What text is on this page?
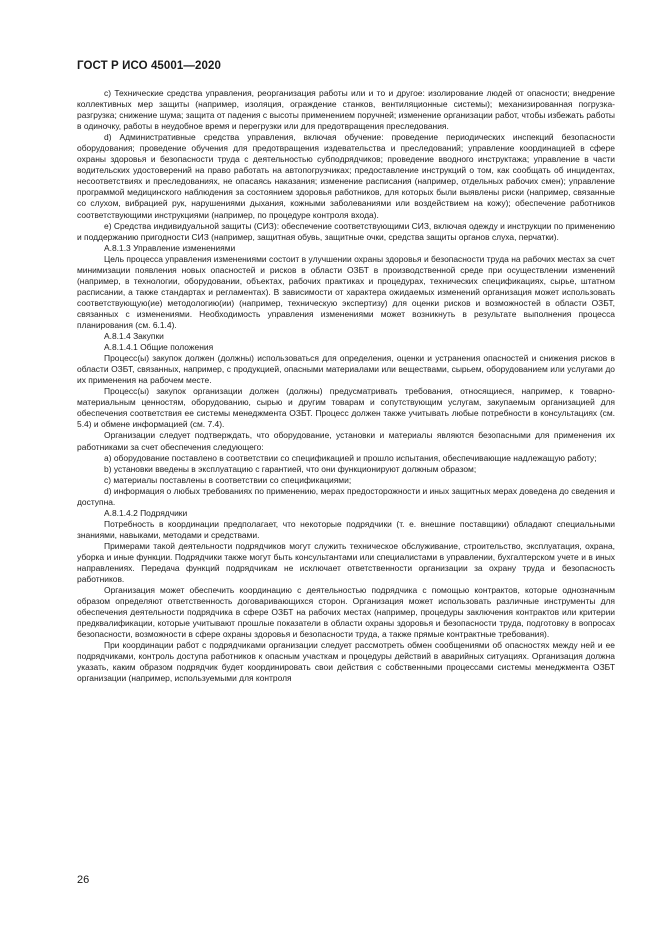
ГОСТ Р ИСО 45001—2020

c) Технические средства управления, реорганизация работы или и то и другое: изолирование людей от опасности; внедрение коллективных мер защиты (например, изоляция, ограждение станков, вентиляционные системы); механизированная погрузка-разгрузка; снижение шума; защита от падения с высоты применением поручней; изменение организации работ, чтобы избежать работы в одиночку, работы в неудобное время и перегрузки или для предотвращения преследования.

d) Административные средства управления, включая обучение: проведение периодических инспекций безопасности оборудования; проведение обучения для предотвращения издевательства и преследований; управление координацией в сфере охраны здоровья и безопасности труда с деятельностью субподрядчиков; проведение вводного инструктажа; управление в части водительских удостоверений на право работать на автопогрузчиках; предоставление инструкций о том, как сообщать об инцидентах, несоответствиях и преследованиях, не опасаясь наказания; изменение расписания (например, отдельных рабочих смен); управление программой медицинского наблюдения за состоянием здоровья работников, для которых были выявлены риски (например, связанные со слухом, вибрацией рук, нарушениями дыхания, кожными заболеваниями или воздействием на кожу); обеспечение работников соответствующими инструкциями (например, по процедуре контроля входа).

e) Средства индивидуальной защиты (СИЗ): обеспечение соответствующими СИЗ, включая одежду и инструкции по применению и поддержанию пригодности СИЗ (например, защитная обувь, защитные очки, средства защиты органов слуха, перчатки).

А.8.1.3 Управление изменениями

Цель процесса управления изменениями состоит в улучшении охраны здоровья и безопасности труда на рабочих местах за счет минимизации появления новых опасностей и рисков в области ОЗБТ в производственной среде при осуществлении изменений (например, в технологии, оборудовании, объектах, рабочих практиках и процедурах, технических спецификациях, сырье, штатном расписании, а также стандартах и регламентах). В зависимости от характера ожидаемых изменений организация может использовать соответствующую(ие) методологию(ии) (например, техническую экспертизу) для оценки рисков и возможностей в области ОЗБТ, связанных с изменениями. Необходимость управления изменениями может возникнуть в результате выполнения процесса планирования (см. 6.1.4).

А.8.1.4 Закупки

А.8.1.4.1 Общие положения

Процесс(ы) закупок должен (должны) использоваться для определения, оценки и устранения опасностей и снижения рисков в области ОЗБТ, связанных, например, с продукцией, опасными материалами или веществами, сырьем, оборудованием или услугами до их применения на рабочем месте.

Процесс(ы) закупок организации должен (должны) предусматривать требования, относящиеся, например, к товарно-материальным ценностям, оборудованию, сырью и другим товарам и сопутствующим услугам, закупаемым организацией для обеспечения соответствия ее системы менеджмента ОЗБТ. Процесс должен также учитывать любые потребности в консультациях (см. 5.4) и обмене информацией (см. 7.4).

Организации следует подтверждать, что оборудование, установки и материалы являются безопасными для применения их работниками за счет обеспечения следующего:

a) оборудование поставлено в соответствии со спецификацией и прошло испытания, обеспечивающие надлежащую работу;

b) установки введены в эксплуатацию с гарантией, что они функционируют должным образом;

c) материалы поставлены в соответствии со спецификациями;

d) информация о любых требованиях по применению, мерах предосторожности и иных защитных мерах доведена до сведения и доступна.

А.8.1.4.2 Подрядчики

Потребность в координации предполагает, что некоторые подрядчики (т. е. внешние поставщики) обладают специальными знаниями, навыками, методами и средствами.

Примерами такой деятельности подрядчиков могут служить техническое обслуживание, строительство, эксплуатация, охрана, уборка и иные функции. Подрядчики также могут быть консультантами или специалистами в управлении, бухгалтерском учете и в иных направлениях. Передача функций подрядчикам не исключает ответственности организации за охрану труда и безопасность работников.

Организация может обеспечить координацию с деятельностью подрядчика с помощью контрактов, которые однозначным образом определяют ответственность договаривающихся сторон. Организация может использовать различные инструменты для обеспечения деятельности подрядчика в сфере ОЗБТ на рабочих местах (например, процедуры заключения контрактов или критерии предквалификации, которые учитывают прошлые показатели в области охраны здоровья и безопасности труда, подготовку в вопросах безопасности, возможности в сфере охраны здоровья и безопасности труда, а также прямые контрактные требования).

При координации работ с подрядчиками организации следует рассмотреть обмен сообщениями об опасностях между ней и ее подрядчиками, контроль доступа работников к опасным участкам и процедуры действий в аварийных ситуациях. Организация должна указать, каким образом подрядчик будет координировать свои действия с собственными процессами системы менеджмента ОЗБТ организации (например, используемыми для контроля

26
